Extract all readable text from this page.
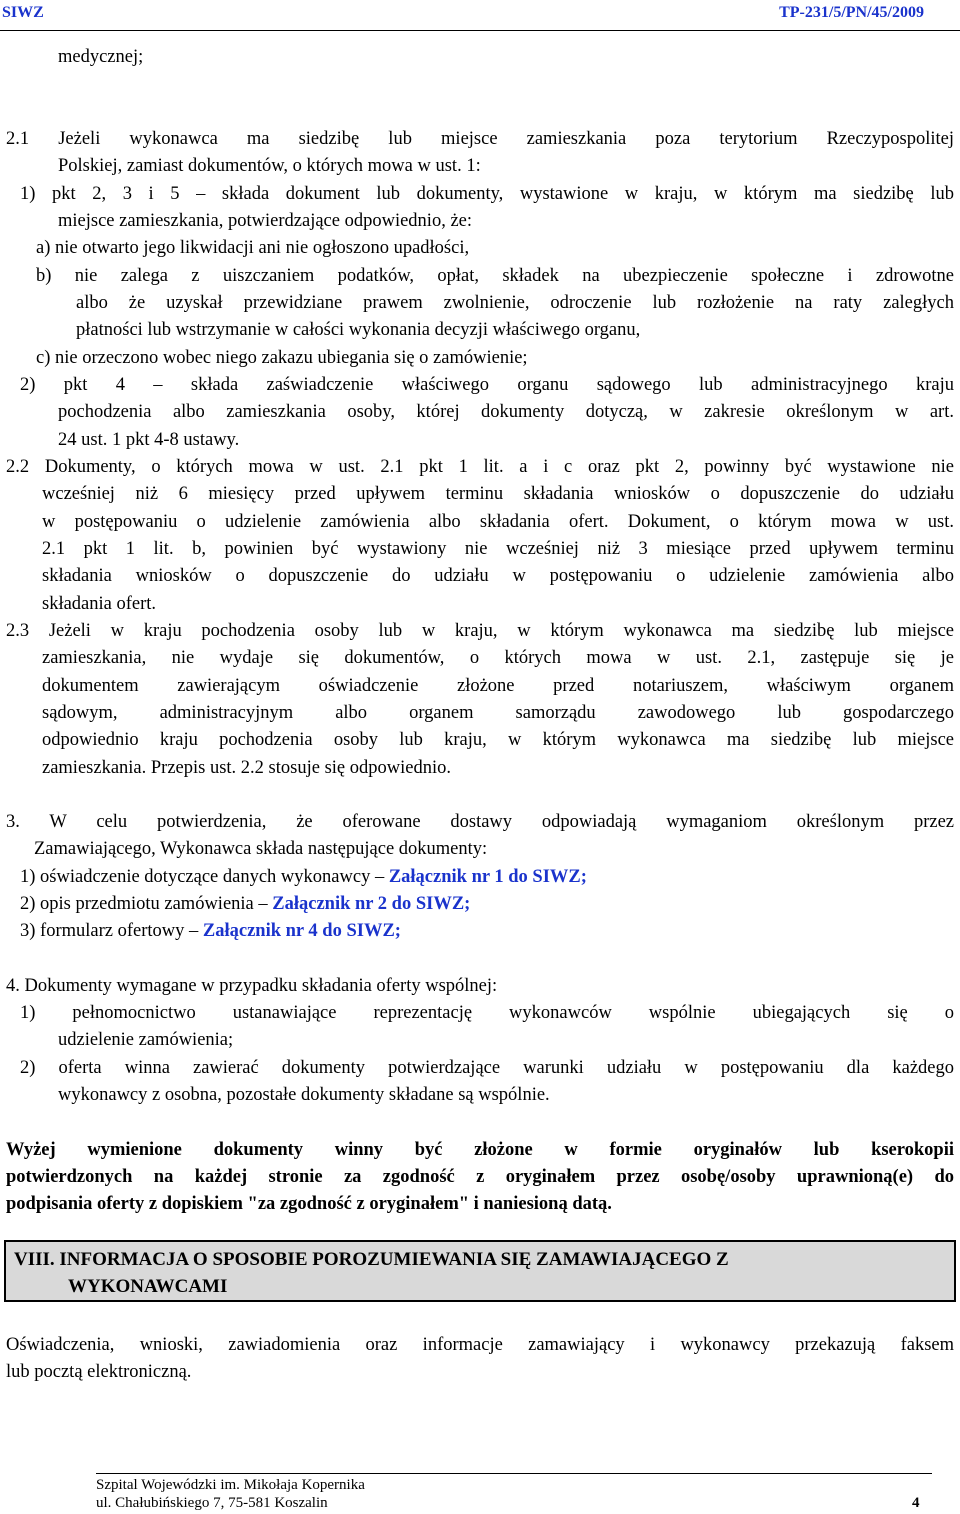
SIWZ	TP-231/5/PN/45/2009
medycznej;
2.1 Jeżeli wykonawca ma siedzibę lub miejsce zamieszkania poza terytorium Rzeczypospolitej
Polskiej, zamiast dokumentów, o których mowa w ust. 1:
1) pkt 2, 3 i 5 – składa dokument lub dokumenty, wystawione w kraju, w którym ma siedzibę lub
miejsce zamieszkania, potwierdzające odpowiednio, że:
a) nie otwarto jego likwidacji ani nie ogłoszono upadłości,
b) nie zalega z uiszczaniem podatków, opłat, składek na ubezpieczenie społeczne i zdrowotne
albo że uzyskał przewidziane prawem zwolnienie, odroczenie lub rozłożenie na raty zaległych
płatności lub wstrzymanie w całości wykonania decyzji właściwego organu,
c) nie orzeczono wobec niego zakazu ubiegania się o zamówienie;
2) pkt 4 – składa zaświadczenie właściwego organu sądowego lub administracyjnego kraju
pochodzenia albo zamieszkania osoby, której dokumenty dotyczą, w zakresie określonym w art.
24 ust. 1 pkt 4-8 ustawy.
2.2 Dokumenty, o których mowa w ust. 2.1 pkt 1 lit. a i c oraz pkt 2, powinny być wystawione nie
wcześniej niż 6 miesięcy przed upływem terminu składania wniosków o dopuszczenie do udziału
w postępowaniu o udzielenie zamówienia albo składania ofert. Dokument, o którym mowa w ust.
2.1 pkt 1 lit. b, powinien być wystawiony nie wcześniej niż 3 miesiące przed upływem terminu
składania wniosków o dopuszczenie do udziału w postępowaniu o udzielenie zamówienia albo
składania ofert.
2.3 Jeżeli w kraju pochodzenia osoby lub w kraju, w którym wykonawca ma siedzibę lub miejsce
zamieszkania, nie wydaje się dokumentów, o których mowa w ust. 2.1, zastępuje się je
dokumentem zawierającym oświadczenie złożone przed notariuszem, właściwym organem
sądowym, administracyjnym albo organem samorządu zawodowego lub gospodarczego
odpowiednio kraju pochodzenia osoby lub kraju, w którym wykonawca ma siedzibę lub miejsce
zamieszkania. Przepis ust. 2.2 stosuje się odpowiednio.
3. W celu potwierdzenia, że oferowane dostawy odpowiadają wymaganiom określonym przez
Zamawiającego, Wykonawca składa następujące dokumenty:
1) oświadczenie dotyczące danych wykonawcy – Załącznik nr 1 do SIWZ;
2) opis przedmiotu zamówienia – Załącznik nr 2 do SIWZ;
3) formularz ofertowy – Załącznik nr 4 do SIWZ;
4. Dokumenty wymagane w przypadku składania oferty wspólnej:
1) pełnomocnictwo ustanawiające reprezentację wykonawców wspólnie ubiegających się o
udzielenie zamówienia;
2) oferta winna zawierać dokumenty potwierdzające warunki udziału w postępowaniu dla każdego
wykonawcy z osobna, pozostałe dokumenty składane są wspólnie.
Wyżej wymienione dokumenty winny być złożone w formie oryginałów lub kserokopii
potwierdzonych na każdej stronie za zgodność z oryginałem przez osobę/osoby uprawnioną(e) do
podpisania oferty z dopiskiem "za zgodność z oryginałem" i naniesioną datą.
VIII. INFORMACJA O SPOSOBIE POROZUMIEWANIA SIĘ ZAMAWIAJĄCEGO Z
WYKONAWCAMI
Oświadczenia, wnioski, zawiadomienia oraz informacje zamawiający i wykonawcy przekazują faksem
lub pocztą elektroniczną.
Szpital Wojewódzki im. Mikołaja Kopernika
ul. Chałubińskiego 7, 75-581 Koszalin	4
